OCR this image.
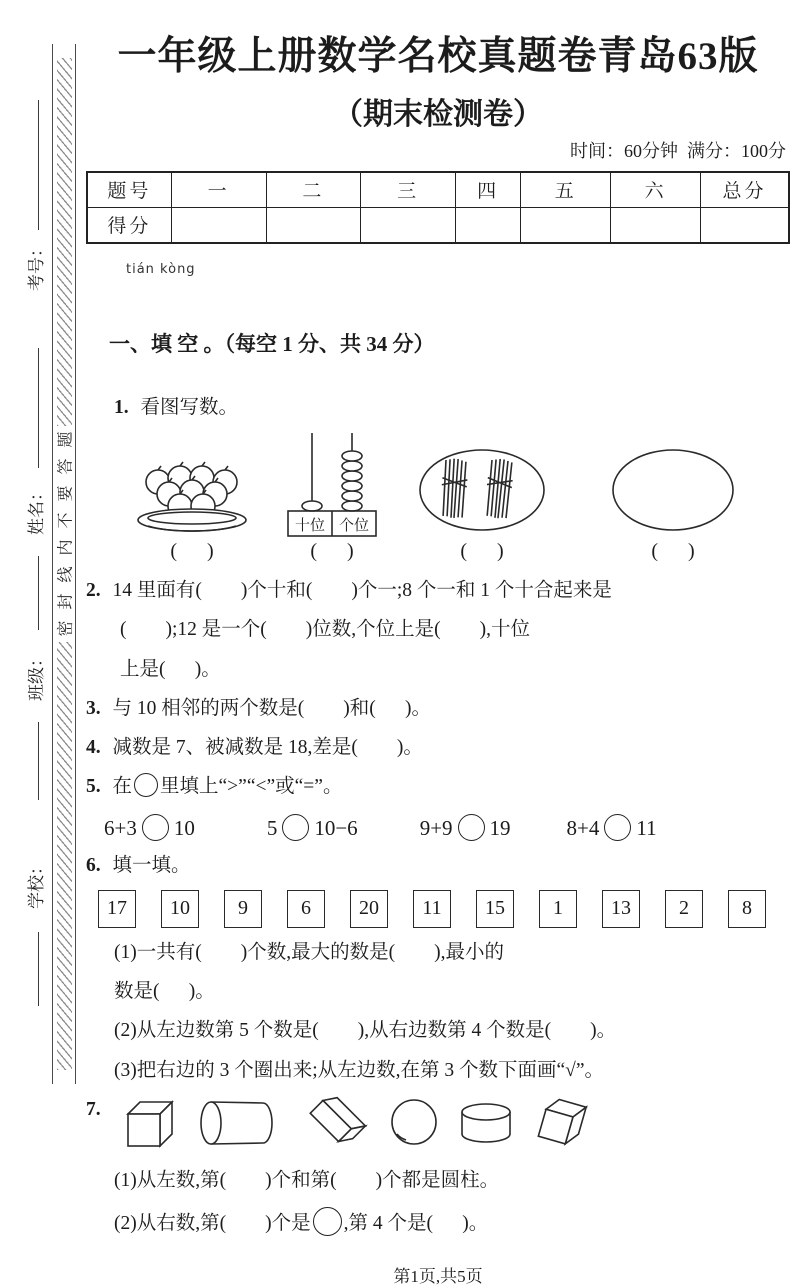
考号：
姓名：
班级：
学校：
题
答
要
不
内
线
封
密
一年级上册数学名校真题卷青岛63版
（期末检测卷）
时间：60分钟  满分：100分
题号	一	二	三	四	五	六	总分
得分							

tián kòng

一、填 空 。（每空 1 分、共 34 分）

1. 看图写数。
(      )
十位 个位
(      )	(      )	(      )
2. 14 里面有(        )个十和(        )个一;8 个一和 1 个十合起来是
(        );12 是一个(        )位数,个位上是(        ),十位
上是(      )。
3. 与 10 相邻的两个数是(        )和(      )。
4. 减数是 7、被减数是 18,差是(        )。
5. 在 里填上“>”“<”或“=”。
6+3 10	5 10−6	9+9 19	8+4 11
6. 填一填。
17	10	9	6	20	11	15	1	13	2	8
(1)一共有(        )个数,最大的数是(        ),最小的
数是(      )。
(2)从左边数第 5 个数是(        ),从右边数第 4 个数是(        )。
(3)把右边的 3 个圈出来;从左边数,在第 3 个数下面画“√”。
7.
(1)从左数,第(        )个和第(        )个都是圆柱。
(2)从右数,第(        )个是 ,第 4 个是(      )。
第1页,共5页
